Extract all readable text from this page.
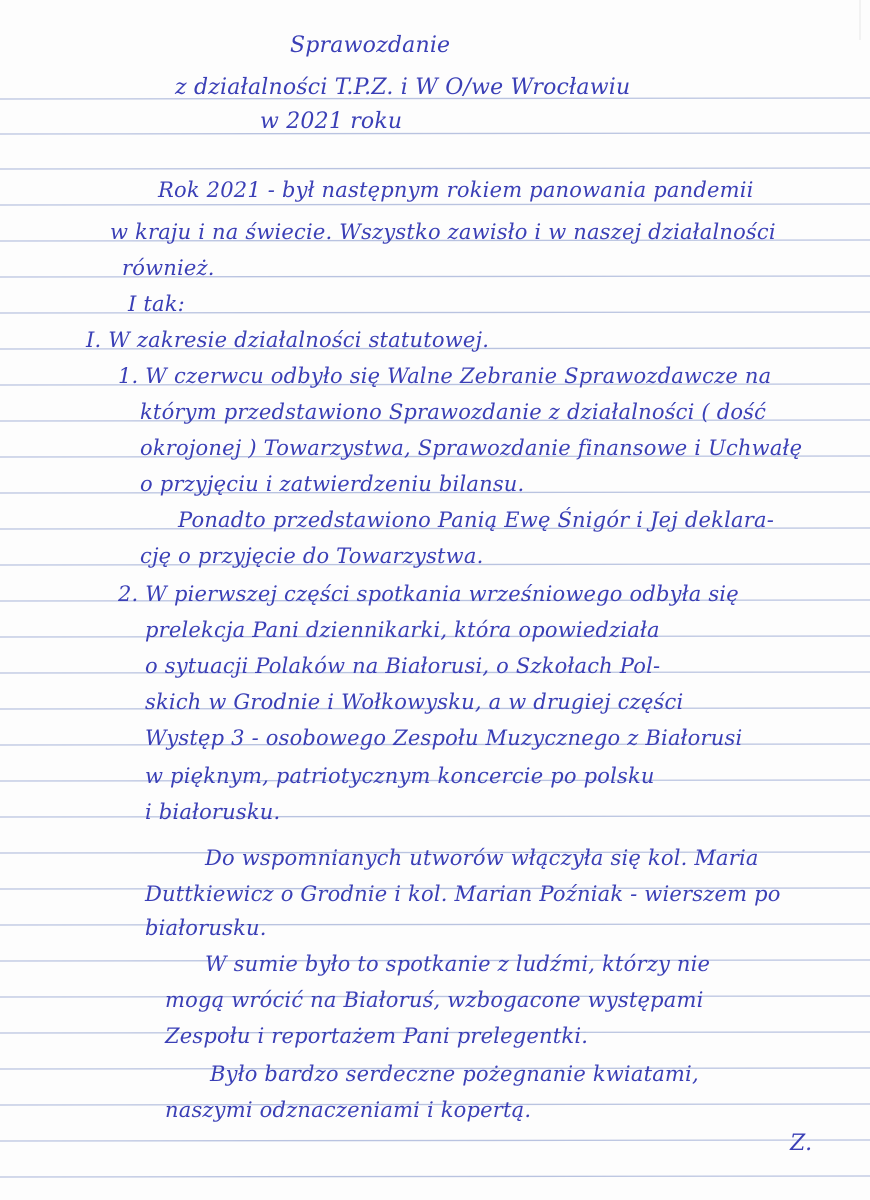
Sprawozdanie
z działalności T.P.Z. i W O/we Wrocławiu
w 2021 roku
Rok 2021 - był następnym rokiem panowania pandemii
w kraju i na świecie. Wszystko zawisło i w naszej działalności
również.
I tak:
I. W zakresie działalności statutowej.
1. W czerwcu odbyło się Walne Zebranie Sprawozdawcze na
którym przedstawiono Sprawozdanie z działalności ( dość
okrojonej ) Towarzystwa, Sprawozdanie finansowe i Uchwałę
o przyjęciu i zatwierdzeniu bilansu.
Ponadto przedstawiono Panią Ewę Śnigór i Jej deklara-
cję o przyjęcie do Towarzystwa.
2. W pierwszej części spotkania wrześniowego odbyła się
prelekcja Pani dziennikarki, która opowiedziała
o sytuacji Polaków na Białorusi, o Szkołach Pol-
skich w Grodnie i Wołkowysku, a w drugiej części
Występ 3 - osobowego Zespołu Muzycznego z Białorusi
w pięknym, patriotycznym koncercie po polsku
i białorusku.
Do wspomnianych utworów włączyła się kol. Maria
Duttkiewicz o Grodnie i kol. Marian Poźniak - wierszem po
białorusku.
W sumie było to spotkanie z ludźmi, którzy nie
mogą wrócić na Białoruś, wzbogacone występami
Zespołu i reportażem Pani prelegentki.
Było bardzo serdeczne pożegnanie kwiatami,
naszymi odznaczeniami i kopertą.
Z.
